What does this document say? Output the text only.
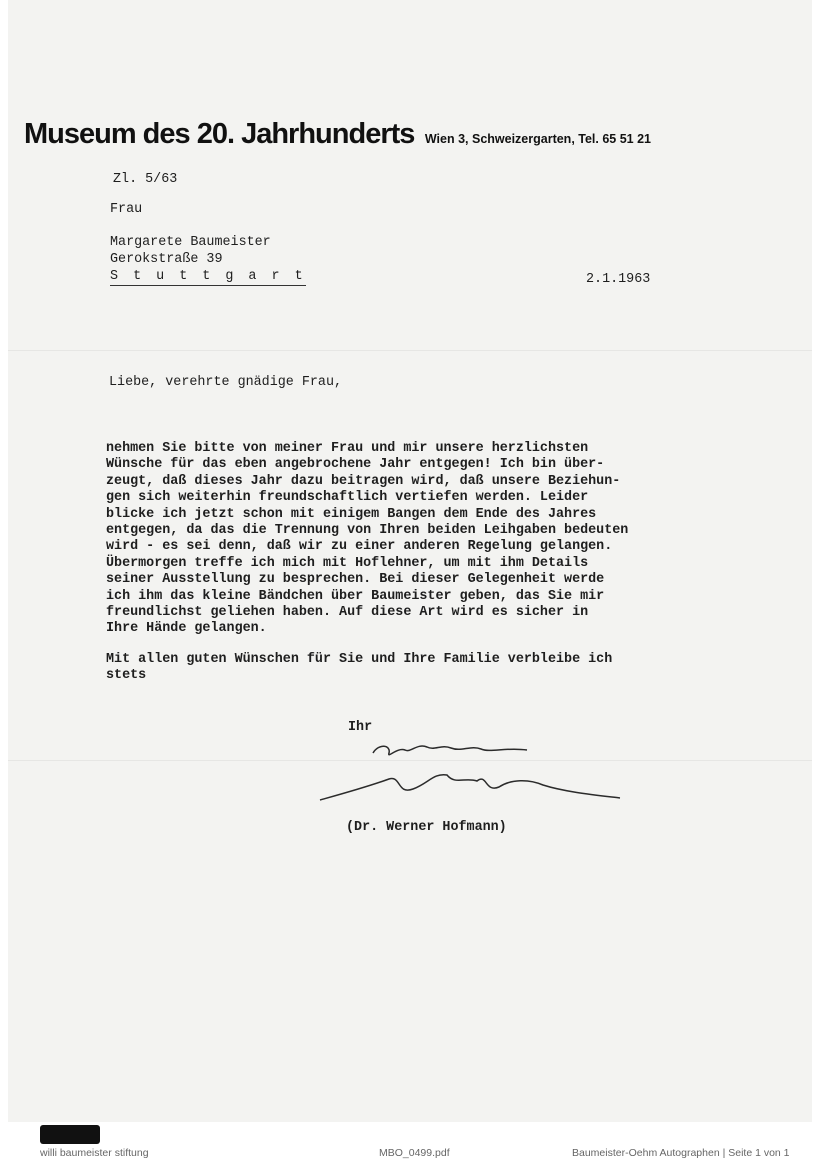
Museum des 20. Jahrhunderts Wien 3, Schweizergarten, Tel. 65 51 21
Zl. 5/63
Frau
Margarete Baumeister
Gerokstraße 39
S t u t t g a r t	2.1.1963
Liebe, verehrte gnädige Frau,
nehmen Sie bitte von meiner Frau und mir unsere herzlichsten
Wünsche für das eben angebrochene Jahr entgegen! Ich bin über-
zeugt, daß dieses Jahr dazu beitragen wird, daß unsere Beziehun-
gen sich weiterhin freundschaftlich vertiefen werden. Leider
blicke ich jetzt schon mit einigem Bangen dem Ende des Jahres
entgegen, da das die Trennung von Ihren beiden Leihgaben bedeuten
wird - es sei denn, daß wir zu einer anderen Regelung gelangen.
Übermorgen treffe ich mich mit Hoflehner, um mit ihm Details
seiner Ausstellung zu besprechen. Bei dieser Gelegenheit werde
ich ihm das kleine Bändchen über Baumeister geben, das Sie mir
freundlichst geliehen haben. Auf diese Art wird es sicher in
Ihre Hände gelangen.
Mit allen guten Wünschen für Sie und Ihre Familie verbleibe ich
stets
Ihr
(Dr. Werner Hofmann)
willi baumeister stiftung	MBO_0499.pdf	Baumeister-Oehm Autographen | Seite 1 von 1
